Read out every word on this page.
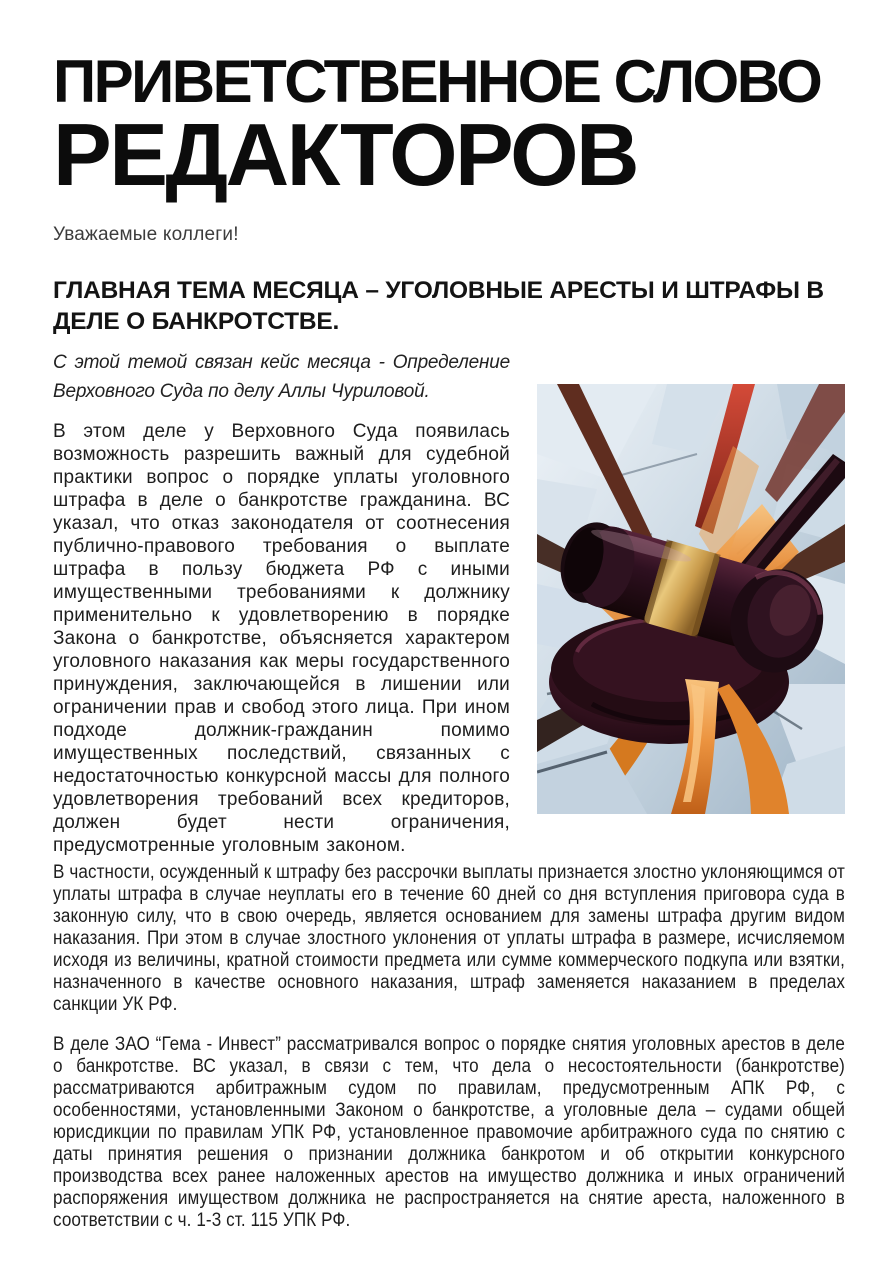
ПРИВЕТСТВЕННОЕ СЛОВО
РЕДАКТОРОВ

Уважаемые коллеги!

ГЛАВНАЯ ТЕМА МЕСЯЦА – УГОЛОВНЫЕ АРЕСТЫ И ШТРАФЫ В ДЕЛЕ О БАНКРОТСТВЕ.

С этой темой связан кейс месяца - Определение Верховного Суда по делу Аллы Чуриловой.

В этом деле у Верховного Суда появилась возможность разрешить важный для судебной практики вопрос о порядке уплаты уголовного штрафа в деле о банкротстве гражданина. ВС указал, что отказ законодателя от соотнесения публично-правового требования о выплате штрафа в пользу бюджета РФ с иными имущественными требованиями к должнику применительно к удовлетворению в порядке Закона о банкротстве, объясняется характером уголовного наказания как меры государственного принуждения, заключающейся в лишении или ограничении прав и свобод этого лица. При ином подходе должник-гражданин помимо имущественных последствий, связанных с недостаточностью конкурсной массы для полного удовлетворения требований всех кредиторов, должен будет нести ограничения, предусмотренные уголовным законом.

В частности, осужденный к штрафу без рассрочки выплаты признается злостно уклоняющимся от уплаты штрафа в случае неуплаты его в течение 60 дней со дня вступления приговора суда в законную силу, что в свою очередь, является основанием для замены штрафа другим видом наказания. При этом в случае злостного уклонения от уплаты штрафа в размере, исчисляемом исходя из величины, кратной стоимости предмета или сумме коммерческого подкупа или взятки, назначенного в качестве основного наказания, штраф заменяется наказанием в пределах санкции УК РФ.

В деле ЗАО “Гема - Инвест” рассматривался вопрос о порядке снятия уголовных арестов в деле о банкротстве. ВС указал, в связи с тем, что дела о несостоятельности (банкротстве) рассматриваются арбитражным судом по правилам, предусмотренным АПК РФ, с особенностями, установленными Законом о банкротстве, а уголовные дела – судами общей юрисдикции по правилам УПК РФ, установленное правомочие арбитражного суда по снятию с даты принятия решения о признании должника банкротом и об открытии конкурсного производства всех ранее наложенных арестов на имущество должника и иных ограничений распоряжения имуществом должника не распространяется на снятие ареста, наложенного в соответствии с ч. 1-3 ст. 115 УПК РФ.
